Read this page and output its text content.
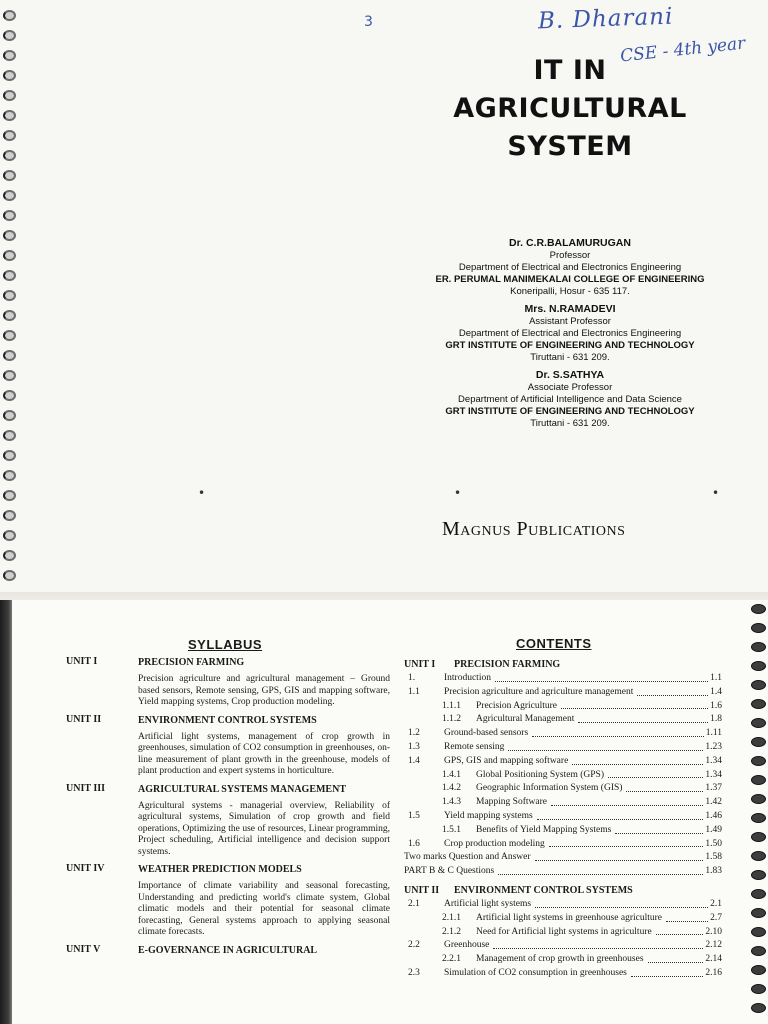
3	B. Dharani
CSE - 4th year
IT IN
AGRICULTURAL
SYSTEM
Dr. C.R.BALAMURUGAN
Professor
Department of Electrical and Electronics Engineering
ER. PERUMAL MANIMEKALAI COLLEGE OF ENGINEERING
Koneripalli, Hosur - 635 117.
Mrs. N.RAMADEVI
Assistant Professor
Department of Electrical and Electronics Engineering
GRT INSTITUTE OF ENGINEERING AND TECHNOLOGY
Tiruttani - 631 209.
Dr. S.SATHYA
Associate Professor
Department of Artificial Intelligence and Data Science
GRT INSTITUTE OF ENGINEERING AND TECHNOLOGY
Tiruttani - 631 209.
•	•	•
Magnus Publications
SYLLABUS	CONTENTS
UNIT I	PRECISION FARMING
Precision agriculture and agricultural management – Ground based sensors, Remote sensing, GPS, GIS and mapping software, Yield mapping systems, Crop production modeling.
UNIT II	ENVIRONMENT CONTROL SYSTEMS
Artificial light systems, management of crop growth in greenhouses, simulation of CO2 consumption in greenhouses, on-line measurement of plant growth in the greenhouse, models of plant production and expert systems in horticulture.
UNIT III	AGRICULTURAL SYSTEMS MANAGEMENT
Agricultural systems - managerial overview, Reliability of agricultural systems, Simulation of crop growth and field operations, Optimizing the use of resources, Linear programming, Project scheduling, Artificial intelligence and decision support systems.
UNIT IV	WEATHER PREDICTION MODELS
Importance of climate variability and seasonal forecasting, Understanding and predicting world's climate system, Global climatic models and their potential for seasonal climate forecasting, General systems approach to applying seasonal climate forecasts.
UNIT V	E-GOVERNANCE IN AGRICULTURAL
UNIT I	PRECISION FARMING
1.	Introduction	1.1
1.1	Precision agriculture and agriculture management	1.4
1.1.1	Precision Agriculture	1.6
1.1.2	Agricultural Management	1.8
1.2	Ground-based sensors	1.11
1.3	Remote sensing	1.23
1.4	GPS, GIS and mapping software	1.34
1.4.1	Global Positioning System (GPS)	1.34
1.4.2	Geographic Information System (GIS)	1.37
1.4.3	Mapping Software	1.42
1.5	Yield mapping systems	1.46
1.5.1	Benefits of Yield Mapping Systems	1.49
1.6	Crop production modeling	1.50
Two marks Question and Answer	1.58
PART B & C Questions	1.83
UNIT II	ENVIRONMENT CONTROL SYSTEMS
2.1	Artificial light systems	2.1
2.1.1	Artificial light systems in greenhouse agriculture	2.7
2.1.2	Need for Artificial light systems in agriculture	2.10
2.2	Greenhouse	2.12
2.2.1	Management of crop growth in greenhouses	2.14
2.3	Simulation of CO2 consumption in greenhouses	2.16
